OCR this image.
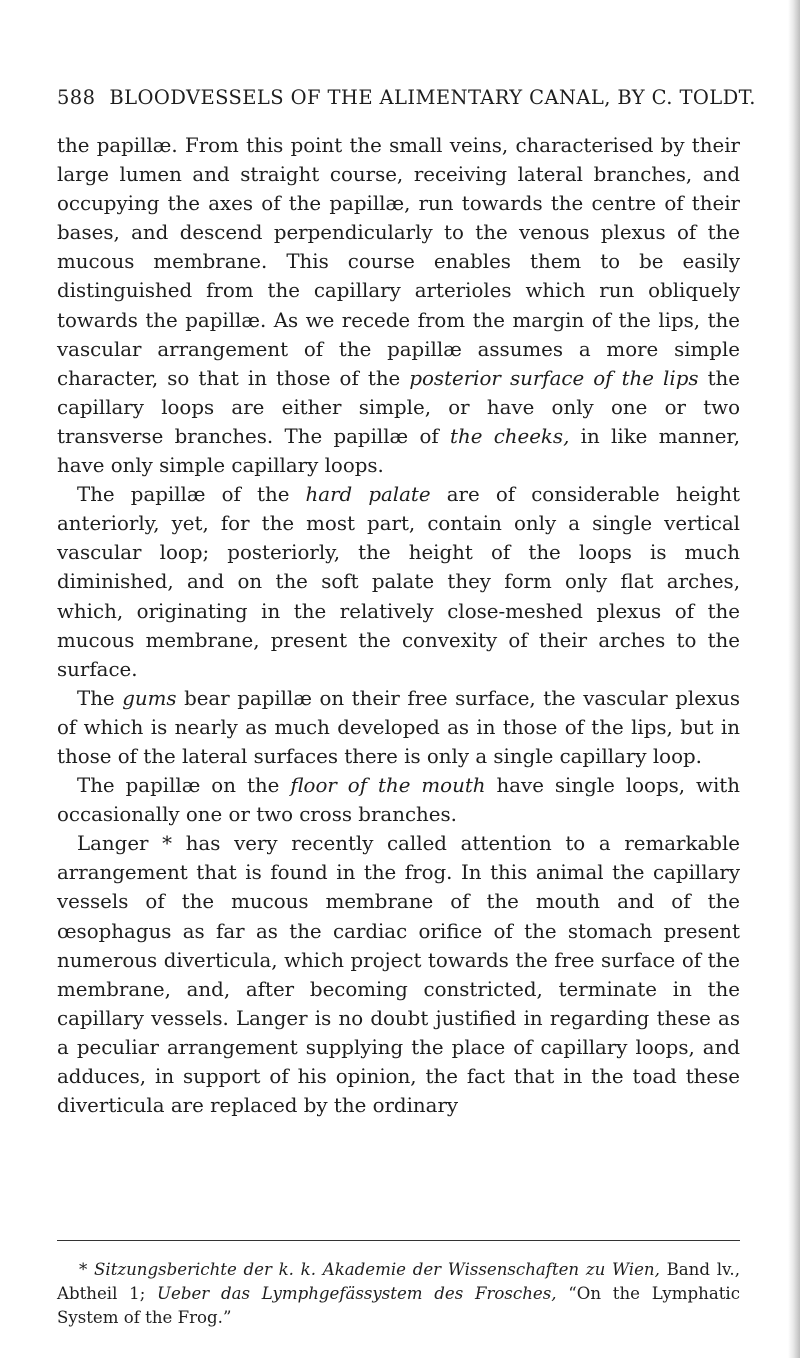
588 BLOODVESSELS OF THE ALIMENTARY CANAL, BY C. TOLDT.

the papillæ. From this point the small veins, characterised by their large lumen and straight course, receiving lateral branches, and occupying the axes of the papillæ, run towards the centre of their bases, and descend perpendicularly to the venous plexus of the mucous membrane. This course enables them to be easily distinguished from the capillary arterioles which run obliquely towards the papillæ. As we recede from the margin of the lips, the vascular arrangement of the papillæ assumes a more simple character, so that in those of the posterior surface of the lips the capillary loops are either simple, or have only one or two transverse branches. The papillæ of the cheeks, in like manner, have only simple capillary loops.

The papillæ of the hard palate are of considerable height anteriorly, yet, for the most part, contain only a single vertical vascular loop; posteriorly, the height of the loops is much diminished, and on the soft palate they form only flat arches, which, originating in the relatively close-meshed plexus of the mucous membrane, present the convexity of their arches to the surface.

The gums bear papillæ on their free surface, the vascular plexus of which is nearly as much developed as in those of the lips, but in those of the lateral surfaces there is only a single capillary loop.

The papillæ on the floor of the mouth have single loops, with occasionally one or two cross branches.

Langer * has very recently called attention to a remarkable arrangement that is found in the frog. In this animal the capillary vessels of the mucous membrane of the mouth and of the œsophagus as far as the cardiac orifice of the stomach present numerous diverticula, which project towards the free surface of the membrane, and, after becoming constricted, terminate in the capillary vessels. Langer is no doubt justified in regarding these as a peculiar arrangement supplying the place of capillary loops, and adduces, in support of his opinion, the fact that in the toad these diverticula are replaced by the ordinary

* Sitzungsberichte der k. k. Akademie der Wissenschaften zu Wien, Band lv., Abtheil 1; Ueber das Lymphgefässystem des Frosches, “On the Lymphatic System of the Frog.”
